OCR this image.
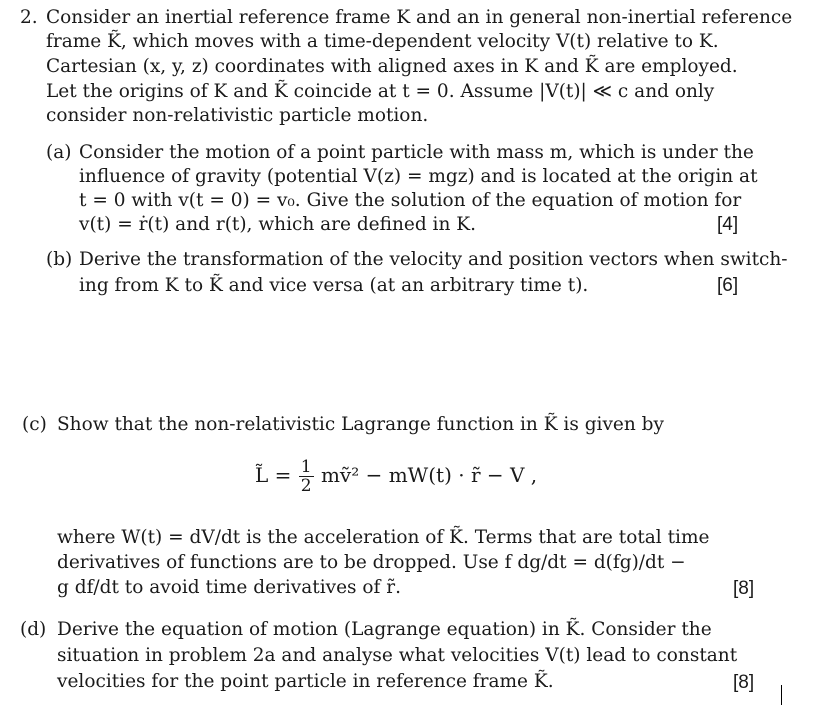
2. Consider an inertial reference frame K and an in general non-inertial reference
frame K̃, which moves with a time-dependent velocity V(t) relative to K.
Cartesian (x, y, z) coordinates with aligned axes in K and K̃ are employed.
Let the origins of K and K̃ coincide at t = 0. Assume |V(t)| ≪ c and only
consider non-relativistic particle motion.
(a) Consider the motion of a point particle with mass m, which is under the
influence of gravity (potential V(z) = mgz) and is located at the origin at
t = 0 with v(t = 0) = v₀. Give the solution of the equation of motion for
v(t) = ṙ(t) and r(t), which are defined in K.	[4]
(b) Derive the transformation of the velocity and position vectors when switch-
ing from K to K̃ and vice versa (at an arbitrary time t).	[6]
(c) Show that the non-relativistic Lagrange function in K̃ is given by
L̃ = $\frac{1}{2}$ mṽ² − mW(t) · r̃ − V ,
where W(t) = dV/dt is the acceleration of K̃. Terms that are total time
derivatives of functions are to be dropped. Use f dg/dt = d(fg)/dt −
g df/dt to avoid time derivatives of r̃.	[8]
(d) Derive the equation of motion (Lagrange equation) in K̃. Consider the
situation in problem 2a and analyse what velocities V(t) lead to constant
velocities for the point particle in reference frame K̃.	[8]
